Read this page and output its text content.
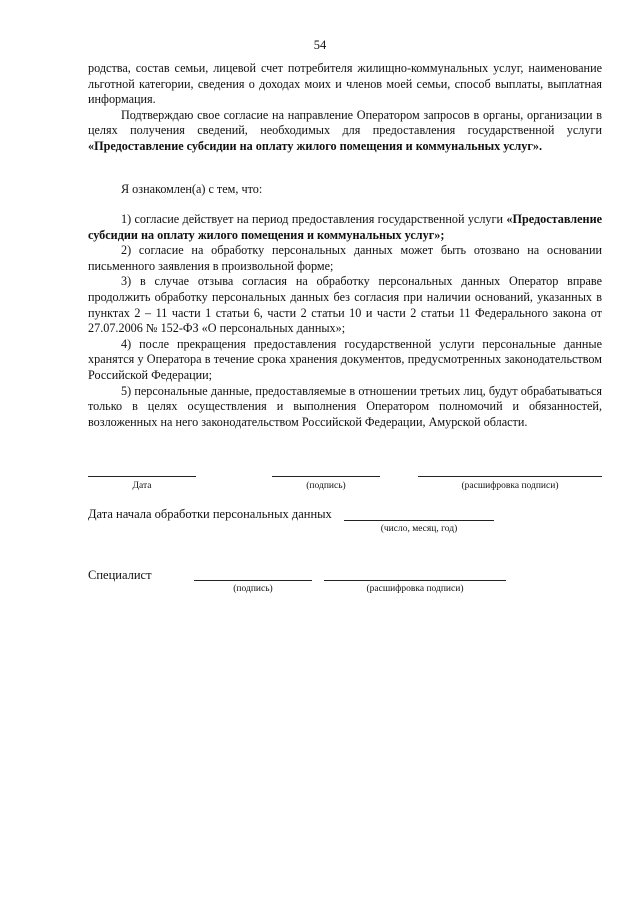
54

родства, состав семьи, лицевой счет потребителя жилищно-коммунальных услуг, наименование льготной категории, сведения о доходах моих и членов моей семьи, способ выплаты, выплатная информация.

Подтверждаю свое согласие на направление Оператором запросов в органы, организации в целях получения сведений, необходимых для предоставления государственной услуги «Предоставление субсидии на оплату жилого помещения и коммунальных услуг».

Я ознакомлен(а) с тем, что:

1) согласие действует на период предоставления государственной услуги «Предоставление субсидии на оплату жилого помещения и коммунальных услуг»;

2) согласие на обработку персональных данных может быть отозвано на основании письменного заявления в произвольной форме;

3) в случае отзыва согласия на обработку персональных данных Оператор вправе продолжить обработку персональных данных без согласия при наличии оснований, указанных в пунктах 2 – 11 части 1 статьи 6, части 2 статьи 10 и части 2 статьи 11 Федерального закона от 27.07.2006 № 152-ФЗ «О персональных данных»;

4) после прекращения предоставления государственной услуги персональные данные хранятся у Оператора в течение срока хранения документов, предусмотренных законодательством Российской Федерации;

5) персональные данные, предоставляемые в отношении третьих лиц, будут обрабатываться только в целях осуществления и выполнения Оператором полномочий и обязанностей, возложенных на него законодательством Российской Федерации, Амурской области.

Дата	(подпись)	(расшифровка подписи)
Дата начала обработки персональных данных
(число, месяц, год)
Специалист
(подпись)	(расшифровка подписи)
